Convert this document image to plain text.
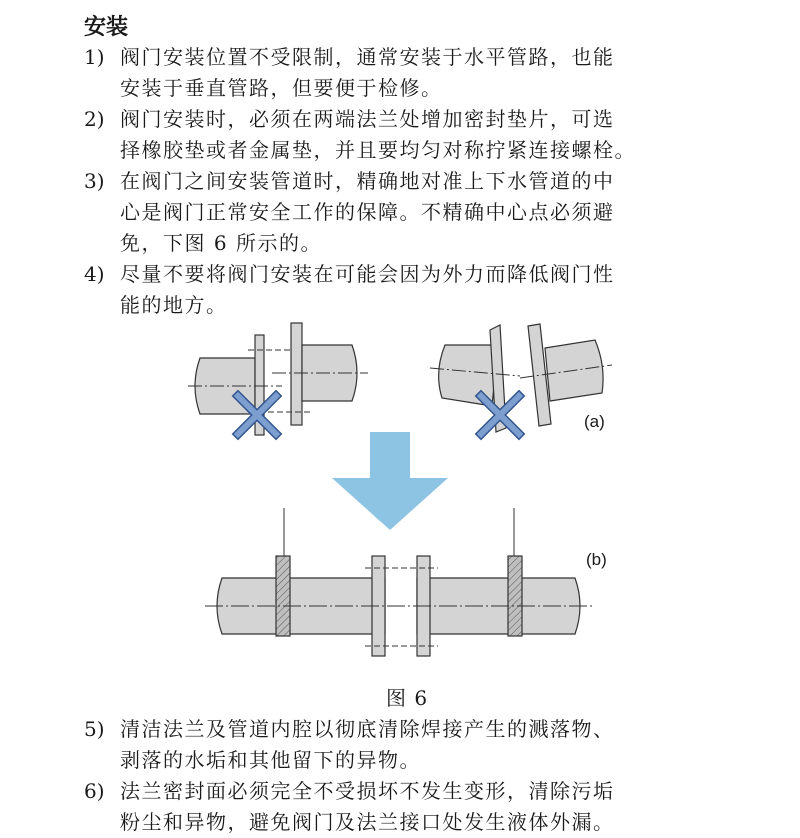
安装
1) 阀门安装位置不受限制，通常安装于水平管路，也能
安装于垂直管路，但要便于检修。
2) 阀门安装时，必须在两端法兰处增加密封垫片，可选
择橡胶垫或者金属垫，并且要均匀对称拧紧连接螺栓。
3) 在阀门之间安装管道时，精确地对准上下水管道的中
心是阀门正常安全工作的保障。不精确中心点必须避
免，下图 6 所示的。
4) 尽量不要将阀门安装在可能会因为外力而降低阀门性
能的地方。
(a)
(b)
图 6
5) 清洁法兰及管道内腔以彻底清除焊接产生的溅落物、
剥落的水垢和其他留下的异物。
6) 法兰密封面必须完全不受损坏不发生变形，清除污垢
粉尘和异物，避免阀门及法兰接口处发生液体外漏。
